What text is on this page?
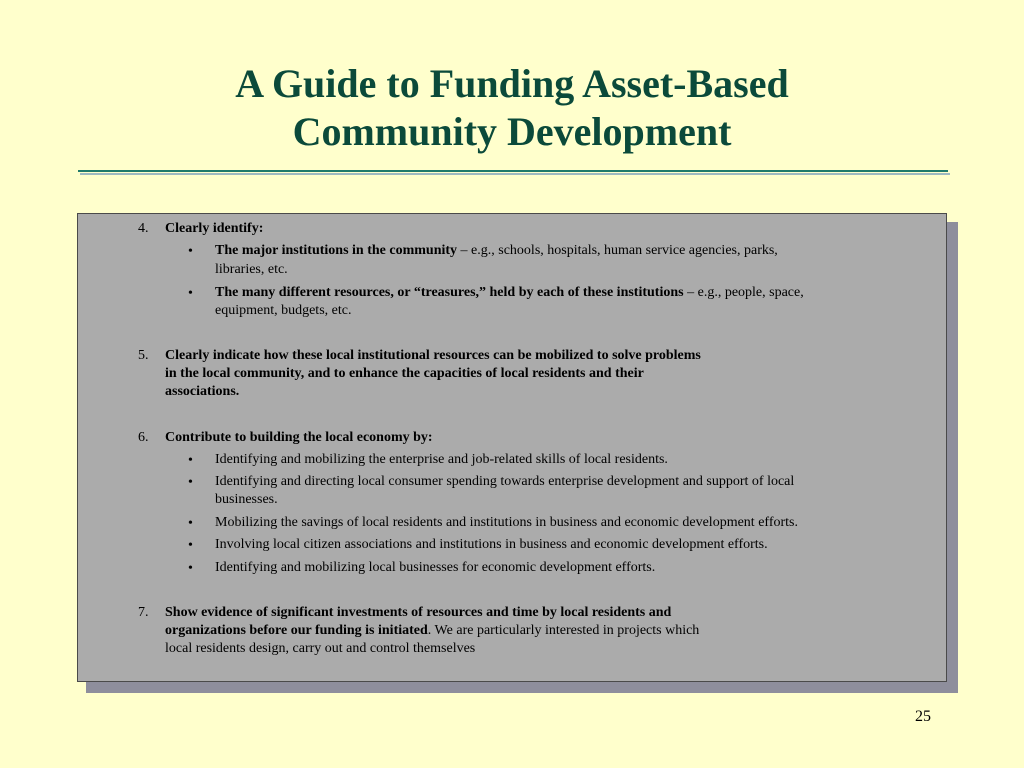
A Guide to Funding Asset-Based
Community Development
4.	Clearly identify:
•	The major institutions in the community – e.g., schools, hospitals, human service agencies, parks,
libraries, etc.
•	The many different resources, or “treasures,” held by each of these institutions – e.g., people, space,
equipment, budgets, etc.
5.	Clearly indicate how these local institutional resources can be mobilized to solve problems
in the local community, and to enhance the capacities of local residents and their
associations.
6.	Contribute to building the local economy by:
•	Identifying and mobilizing the enterprise and job-related skills of local residents.
•	Identifying and directing local consumer spending towards enterprise development and support of local
businesses.
•	Mobilizing the savings of local residents and institutions in business and economic development efforts.
•	Involving local citizen associations and institutions in business and economic development efforts.
•	Identifying and mobilizing local businesses for economic development efforts.
7.	Show evidence of significant investments of resources and time by local residents and
organizations before our funding is initiated. We are particularly interested in projects which
local residents design, carry out and control themselves
25
